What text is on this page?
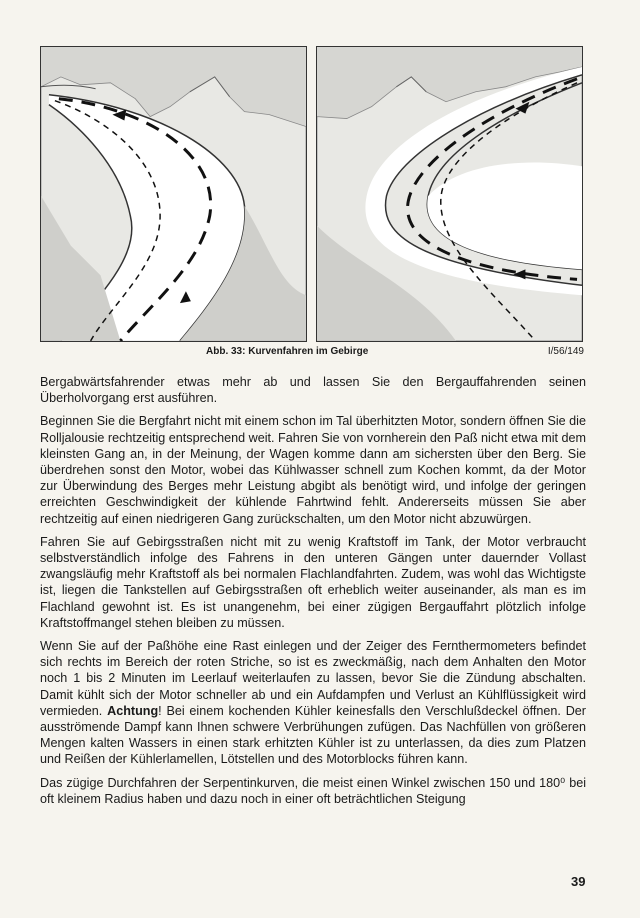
Abb. 33: Kurvenfahren im Gebirge	I/56/149

Bergabwärtsfahrender etwas mehr ab und lassen Sie den Bergauffahrenden seinen Überholvorgang erst ausführen.

Beginnen Sie die Bergfahrt nicht mit einem schon im Tal überhitzten Motor, sondern öffnen Sie die Rolljalousie rechtzeitig entsprechend weit. Fahren Sie von vornherein den Paß nicht etwa mit dem kleinsten Gang an, in der Meinung, der Wagen komme dann am sichersten über den Berg. Sie überdrehen sonst den Motor, wobei das Kühlwasser schnell zum Kochen kommt, da der Motor zur Überwindung des Berges mehr Leistung abgibt als benötigt wird, und infolge der geringen erreichten Geschwindigkeit der kühlende Fahrtwind fehlt. Andererseits müssen Sie aber rechtzeitig auf einen niedrigeren Gang zurückschalten, um den Motor nicht abzuwürgen.

Fahren Sie auf Gebirgsstraßen nicht mit zu wenig Kraftstoff im Tank, der Motor verbraucht selbstverständlich infolge des Fahrens in den unteren Gängen unter dauernder Vollast zwangsläufig mehr Kraftstoff als bei normalen Flachlandfahrten. Zudem, was wohl das Wichtigste ist, liegen die Tankstellen auf Gebirgsstraßen oft erheblich weiter auseinander, als man es im Flachland gewohnt ist. Es ist unangenehm, bei einer zügigen Bergauffahrt plötzlich infolge Kraftstoffmangel stehen bleiben zu müssen.

Wenn Sie auf der Paßhöhe eine Rast einlegen und der Zeiger des Fernthermometers befindet sich rechts im Bereich der roten Striche, so ist es zweckmäßig, nach dem Anhalten den Motor noch 1 bis 2 Minuten im Leerlauf weiterlaufen zu lassen, bevor Sie die Zündung abschalten. Damit kühlt sich der Motor schneller ab und ein Aufdampfen und Verlust an Kühlflüssigkeit wird vermieden. Achtung! Bei einem kochenden Kühler keinesfalls den Verschlußdeckel öffnen. Der ausströmende Dampf kann Ihnen schwere Verbrühungen zufügen. Das Nachfüllen von größeren Mengen kalten Wassers in einen stark erhitzten Kühler ist zu unterlassen, da dies zum Platzen und Reißen der Kühlerlamellen, Lötstellen und des Motorblocks führen kann.

Das zügige Durchfahren der Serpentinkurven, die meist einen Winkel zwischen 150 und 180⁰ bei oft kleinem Radius haben und dazu noch in einer oft beträchtlichen Steigung

39
